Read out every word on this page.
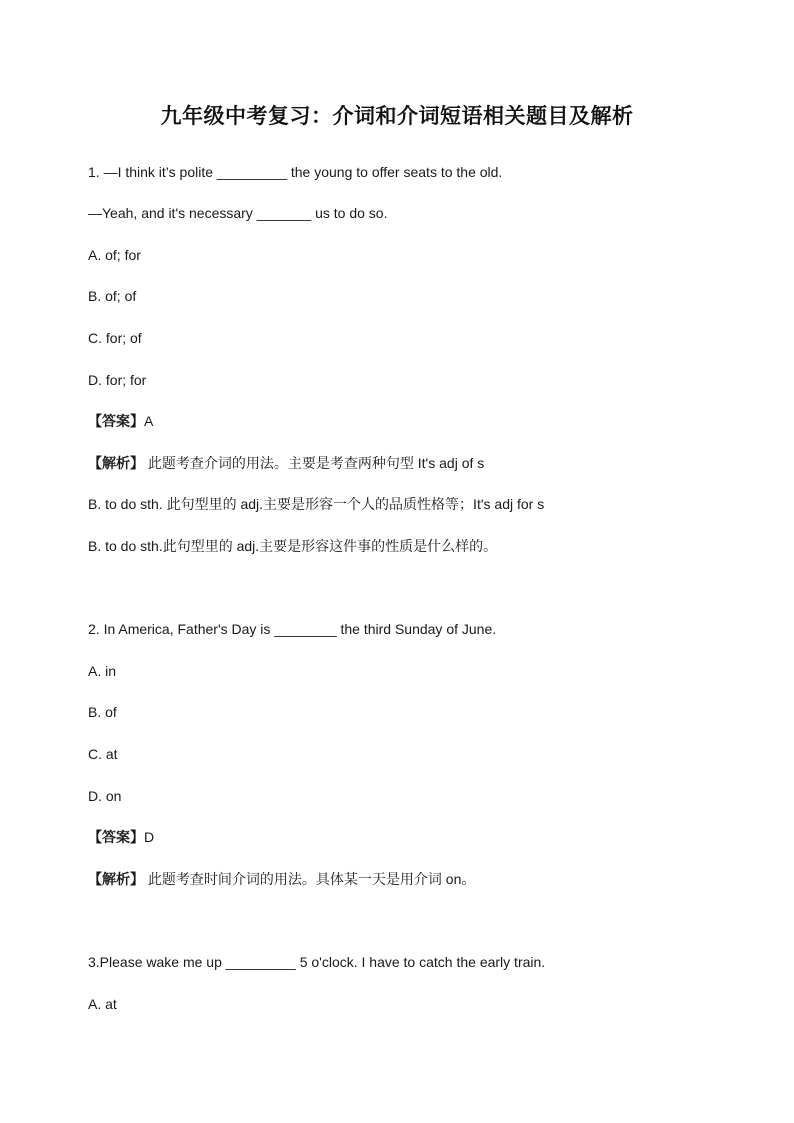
九年级中考复习：介词和介词短语相关题目及解析
1. —I think it’s polite _________ the young to offer seats to the old.
—Yeah, and it's necessary _______ us to do so.
A. of; for
B. of; of
C. for; of
D. for; for
【答案】A
【解析】 此题考查介词的用法。主要是考查两种句型 It's adj of s
B. to do sth. 此句型里的 adj.主要是形容一个人的品质性格等；It's adj for s
B. to do sth.此句型里的 adj.主要是形容这件事的性质是什么样的。
2. In America, Father's Day is ________ the third Sunday of June.
A. in
B. of
C. at
D. on
【答案】D
【解析】 此题考查时间介词的用法。具体某一天是用介词 on。
3.Please wake me up _________ 5 o'clock. I have to catch the early train.
A. at
